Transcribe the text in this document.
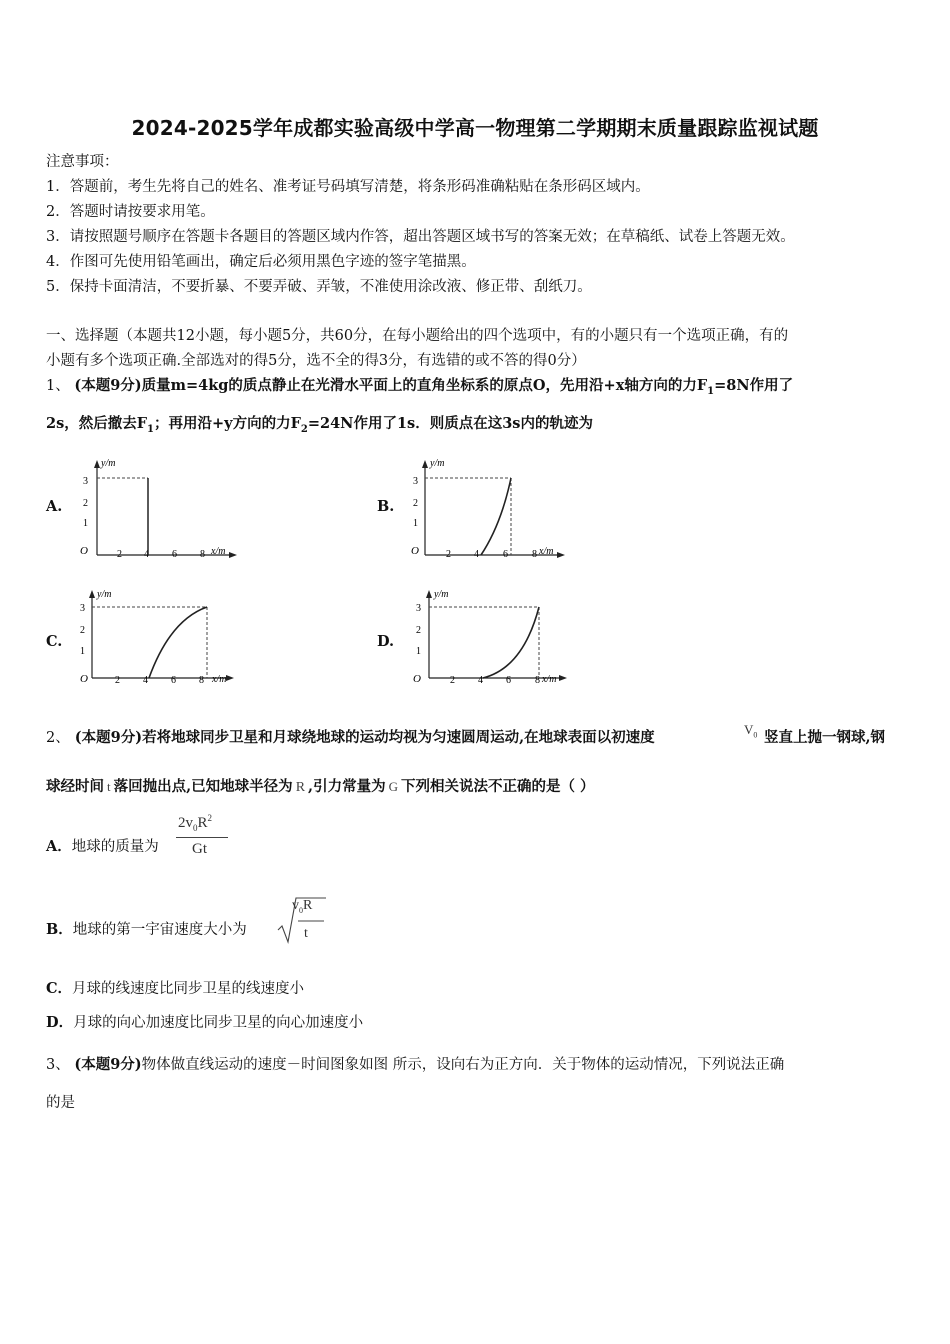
2024-2025学年成都实验高级中学高一物理第二学期期末质量跟踪监视试题
注意事项：
1．答题前，考生先将自己的姓名、准考证号码填写清楚，将条形码准确粘贴在条形码区域内。
2．答题时请按要求用笔。
3．请按照题号顺序在答题卡各题目的答题区域内作答，超出答题区域书写的答案无效；在草稿纸、试卷上答题无效。
4．作图可先使用铅笔画出，确定后必须用黑色字迹的签字笔描黑。
5．保持卡面清洁，不要折暴、不要弄破、弄皱，不准使用涂改液、修正带、刮纸刀。
一、选择题（本题共12小题，每小题5分，共60分，在每小题给出的四个选项中，有的小题只有一个选项正确，有的
小题有多个选项正确.全部选对的得5分，选不全的得3分，有选错的或不答的得0分）
1、 (本题9分)质量m=4kg的质点静止在光滑水平面上的直角坐标系的原点O，先用沿+x轴方向的力$F_1=8N$作用了
2s，然后撤去$F_1$；再用沿+y方向的力$F_2=24N$作用了1s．则质点在这3s内的轨迹为
A.	B.
C.	D.
y/m
x/m
O	2 4 6 8
1
2
3
y/m
x/m
O	2 4 6 8
1
2
3
y/m
x/m
O	2 4 6 8
1
2
3
y/m
x/m
O	2 4 6 8
1
2
3
2、 (本题9分)若将地球同步卫星和月球绕地球的运动均视为匀速圆周运动,在地球表面以初速度	$V_0$ 竖直上抛一钢球,钢
球经时间 t 落回抛出点,已知地球半径为 R ,引力常量为 G 下列相关说法不正确的是（ ）
A．地球的质量为
$2v_0R^2$
Gt
B．地球的第一宇宙速度大小为
$v_0R$
t
C．月球的线速度比同步卫星的线速度小
D．月球的向心加速度比同步卫星的向心加速度小
3、 (本题9分)物体做直线运动的速度－时间图象如图 所示，设向右为正方向．关于物体的运动情况，下列说法正确
的是
